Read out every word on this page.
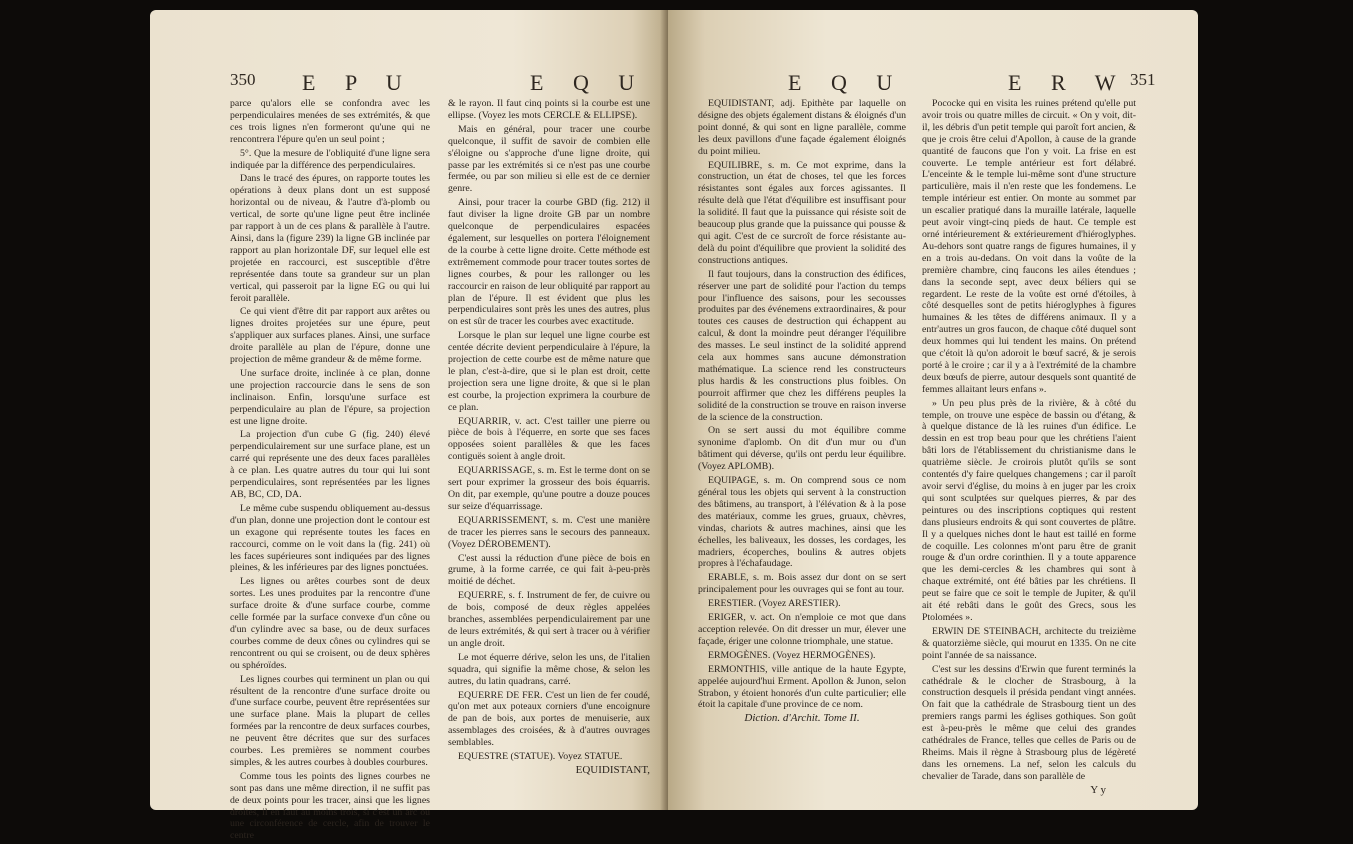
350 E P U	E Q U

parce qu'alors elle se confondra avec les perpendiculaires menées de ses extrémités, & que ces trois lignes n'en formeront qu'une qui ne rencontrera l'épure qu'en un seul point ;

5°. Que la mesure de l'obliquité d'une ligne sera indiquée par la différence des perpendiculaires.

Dans le tracé des épures, on rapporte toutes les opérations à deux plans dont un est supposé horizontal ou de niveau, & l'autre d'à-plomb ou vertical, de sorte qu'une ligne peut être inclinée par rapport à un de ces plans & parallèle à l'autre. Ainsi, dans la (figure 239) la ligne GB inclinée par rapport au plan horizontale DF, sur lequel elle est projetée en raccourci, est susceptible d'être représentée dans toute sa grandeur sur un plan vertical, qui passeroit par la ligne EG ou qui lui feroit parallèle.

Ce qui vient d'être dit par rapport aux arêtes ou lignes droites projetées sur une épure, peut s'appliquer aux surfaces planes. Ainsi, une surface droite parallèle au plan de l'épure, donne une projection de même grandeur & de même forme.

Une surface droite, inclinée à ce plan, donne une projection raccourcie dans le sens de son inclinaison. Enfin, lorsqu'une surface est perpendiculaire au plan de l'épure, sa projection est une ligne droite.

La projection d'un cube G (fig. 240) élevé perpendiculairement sur une surface plane, est un carré qui représente une des deux faces parallèles à ce plan. Les quatre autres du tour qui lui sont perpendiculaires, sont représentées par les lignes AB, BC, CD, DA.

Le même cube suspendu obliquement au-dessus d'un plan, donne une projection dont le contour est un exagone qui représente toutes les faces en raccourci, comme on le voit dans la (fig. 241) où les faces supérieures sont indiquées par des lignes pleines, & les inférieures par des lignes ponctuées.

Les lignes ou arêtes courbes sont de deux sortes. Les unes produites par la rencontre d'une surface droite & d'une surface courbe, comme celle formée par la surface convexe d'un cône ou d'un cylindre avec sa base, ou de deux surfaces courbes comme de deux cônes ou cylindres qui se rencontrent ou qui se croisent, ou de deux sphères ou sphéroïdes.

Les lignes courbes qui terminent un plan ou qui résultent de la rencontre d'une surface droite ou d'une surface courbe, peuvent être représentées sur une surface plane. Mais la plupart de celles formées par la rencontre de deux surfaces courbes, ne peuvent être décrites que sur des surfaces courbes. Les premières se nomment courbes simples, & les autres courbes à doubles courbures.

Comme tous les points des lignes courbes ne sont pas dans une même direction, il ne suffit pas de deux points pour les tracer, ainsi que les lignes droites, il en faut au moins trois, si c'est un arc ou une circonférence de cercle, afin de trouver le centre

& le rayon. Il faut cinq points si la courbe est une ellipse. (Voyez les mots CERCLE & ELLIPSE).

Mais en général, pour tracer une courbe quelconque, il suffit de savoir de combien elle s'éloigne ou s'approche d'une ligne droite, qui passe par les extrémités si ce n'est pas une courbe fermée, ou par son milieu si elle est de ce dernier genre.

Ainsi, pour tracer la courbe GBD (fig. 212) il faut diviser la ligne droite GB par un nombre quelconque de perpendiculaires espacées également, sur lesquelles on portera l'éloignement de la courbe à cette ligne droite. Cette méthode est extrêmement commode pour tracer toutes sortes de lignes courbes, & pour les rallonger ou les raccourcir en raison de leur obliquité par rapport au plan de l'épure. Il est évident que plus les perpendiculaires sont près les unes des autres, plus on est sûr de tracer les courbes avec exactitude.

Lorsque le plan sur lequel une ligne courbe est centée décrite devient perpendiculaire à l'épure, la projection de cette courbe est de même nature que le plan, c'est-à-dire, que si le plan est droit, cette projection sera une ligne droite, & que si le plan est courbe, la projection exprimera la courbure de ce plan.

EQUARRIR, v. act. C'est tailler une pierre ou pièce de bois à l'équerre, en sorte que ses faces opposées soient parallèles & que les faces contiguës soient à angle droit.

EQUARRISSAGE, s. m. Est le terme dont on se sert pour exprimer la grosseur des bois équarris. On dit, par exemple, qu'une poutre a douze pouces sur seize d'équarrissage.

EQUARRISSEMENT, s. m. C'est une manière de tracer les pierres sans le secours des panneaux. (Voyez DÉROBEMENT).

C'est aussi la réduction d'une pièce de bois en grume, à la forme carrée, ce qui fait à-peu-près moitié de déchet.

EQUERRE, s. f. Instrument de fer, de cuivre ou de bois, composé de deux règles appelées branches, assemblées perpendiculairement par une de leurs extrémités, & qui sert à tracer ou à vérifier un angle droit.

Le mot équerre dérive, selon les uns, de l'italien squadra, qui signifie la même chose, & selon les autres, du latin quadrans, carré.

EQUERRE DE FER. C'est un lien de fer coudé, qu'on met aux poteaux corniers d'une encoignure de pan de bois, aux portes de menuiserie, aux assemblages des croisées, & à d'autres ouvrages semblables.

EQUESTRE (STATUE). Voyez STATUE.

EQUIDISTANT,
E Q U	E R W 351

EQUIDISTANT, adj. Epithète par laquelle on désigne des objets également distans & éloignés d'un point donné, & qui sont en ligne parallèle, comme les deux pavillons d'une façade également éloignés du point milieu.

EQUILIBRE, s. m. Ce mot exprime, dans la construction, un état de choses, tel que les forces résistantes sont égales aux forces agissantes. Il résulte delà que l'état d'équilibre est insuffisant pour la solidité. Il faut que la puissance qui résiste soit de beaucoup plus grande que la puissance qui pousse & qui agit. C'est de ce surcroît de force résistante au-delà du point d'équilibre que provient la solidité des constructions antiques.

Il faut toujours, dans la construction des édifices, réserver une part de solidité pour l'action du temps pour l'influence des saisons, pour les secousses produites par des événemens extraordinaires, & pour toutes ces causes de destruction qui échappent au calcul, & dont la moindre peut déranger l'équilibre des masses. Le seul instinct de la solidité apprend cela aux hommes sans aucune démonstration mathématique. La science rend les constructeurs plus hardis & les constructions plus foibles. On pourroit affirmer que chez les différens peuples la solidité de la construction se trouve en raison inverse de la science de la construction.

On se sert aussi du mot équilibre comme synonime d'aplomb. On dit d'un mur ou d'un bâtiment qui déverse, qu'ils ont perdu leur équilibre. (Voyez APLOMB).

EQUIPAGE, s. m. On comprend sous ce nom général tous les objets qui servent à la construction des bâtimens, au transport, à l'élévation & à la pose des matériaux, comme les grues, gruaux, chèvres, vindas, chariots & autres machines, ainsi que les échelles, les baliveaux, les dosses, les cordages, les madriers, écoperches, boulins & autres objets propres à l'échafaudage.

ERABLE, s. m. Bois assez dur dont on se sert principalement pour les ouvrages qui se font au tour.

ERESTIER. (Voyez ARESTIER).

ERIGER, v. act. On n'emploie ce mot que dans acception relevée. On dit dresser un mur, élever une façade, ériger une colonne triomphale, une statue.

ERMOGÈNES. (Voyez HERMOGÈNES).

ERMONTHIS, ville antique de la haute Egypte, appelée aujourd'hui Erment. Apollon & Junon, selon Strabon, y étoient honorés d'un culte particulier; elle étoit la capitale d'une province de ce nom.

Diction. d'Archit. Tome II.

Pococke qui en visita les ruines prétend qu'elle put avoir trois ou quatre milles de circuit. « On y voit, dit-il, les débris d'un petit temple qui paroît fort ancien, & que je crois être celui d'Apollon, à cause de la grande quantité de faucons que l'on y voit. La frise en est couverte. Le temple antérieur est fort délabré. L'enceinte & le temple lui-même sont d'une structure particulière, mais il n'en reste que les fondemens. Le temple intérieur est entier. On monte au sommet par un escalier pratiqué dans la muraille latérale, laquelle peut avoir vingt-cinq pieds de haut. Ce temple est orné intérieurement & extérieurement d'hiéroglyphes. Au-dehors sont quatre rangs de figures humaines, il y en a trois au-dedans. On voit dans la voûte de la première chambre, cinq faucons les ailes étendues ; dans la seconde sept, avec deux béliers qui se regardent. Le reste de la voûte est orné d'étoiles, à côté desquelles sont de petits hiéroglyphes à figures humaines & les têtes de différens animaux. Il y a entr'autres un gros faucon, de chaque côté duquel sont deux hommes qui lui tendent les mains. On prétend que c'étoit là qu'on adoroit le bœuf sacré, & je serois porté à le croire ; car il y a à l'extrémité de la chambre deux bœufs de pierre, autour desquels sont quantité de femmes allaitant leurs enfans ».

» Un peu plus près de la rivière, & à côté du temple, on trouve une espèce de bassin ou d'étang, & à quelque distance de là les ruines d'un édifice. Le dessin en est trop beau pour que les chrétiens l'aient bâti lors de l'établissement du christianisme dans le quatrième siècle. Je croirois plutôt qu'ils se sont contentés d'y faire quelques changemens ; car il paroît avoir servi d'église, du moins à en juger par les croix qui sont sculptées sur quelques pierres, & par des peintures ou des inscriptions coptiques qui restent dans plusieurs endroits & qui sont couvertes de plâtre. Il y a quelques niches dont le haut est taillé en forme de coquille. Les colonnes m'ont paru être de granit rouge & d'un ordre corinthien. Il y a toute apparence que les demi-cercles & les chambres qui sont à chaque extrémité, ont été bâties par les chrétiens. Il peut se faire que ce soit le temple de Jupiter, & qu'il ait été rebâti dans le goût des Grecs, sous les Ptolomées ».

ERWIN DE STEINBACH, architecte du treizième & quatorzième siècle, qui mourut en 1335. On ne cite point l'année de sa naissance.

C'est sur les dessins d'Erwin que furent terminés la cathédrale & le clocher de Strasbourg, à la construction desquels il présida pendant vingt années. On fait que la cathédrale de Strasbourg tient un des premiers rangs parmi les églises gothiques. Son goût est à-peu-près le même que celui des grandes cathédrales de France, telles que celles de Paris ou de Rheims. Mais il règne à Strasbourg plus de légèreté dans les ornemens. La nef, selon les calculs du chevalier de Tarade, dans son parallèle de

Y y
